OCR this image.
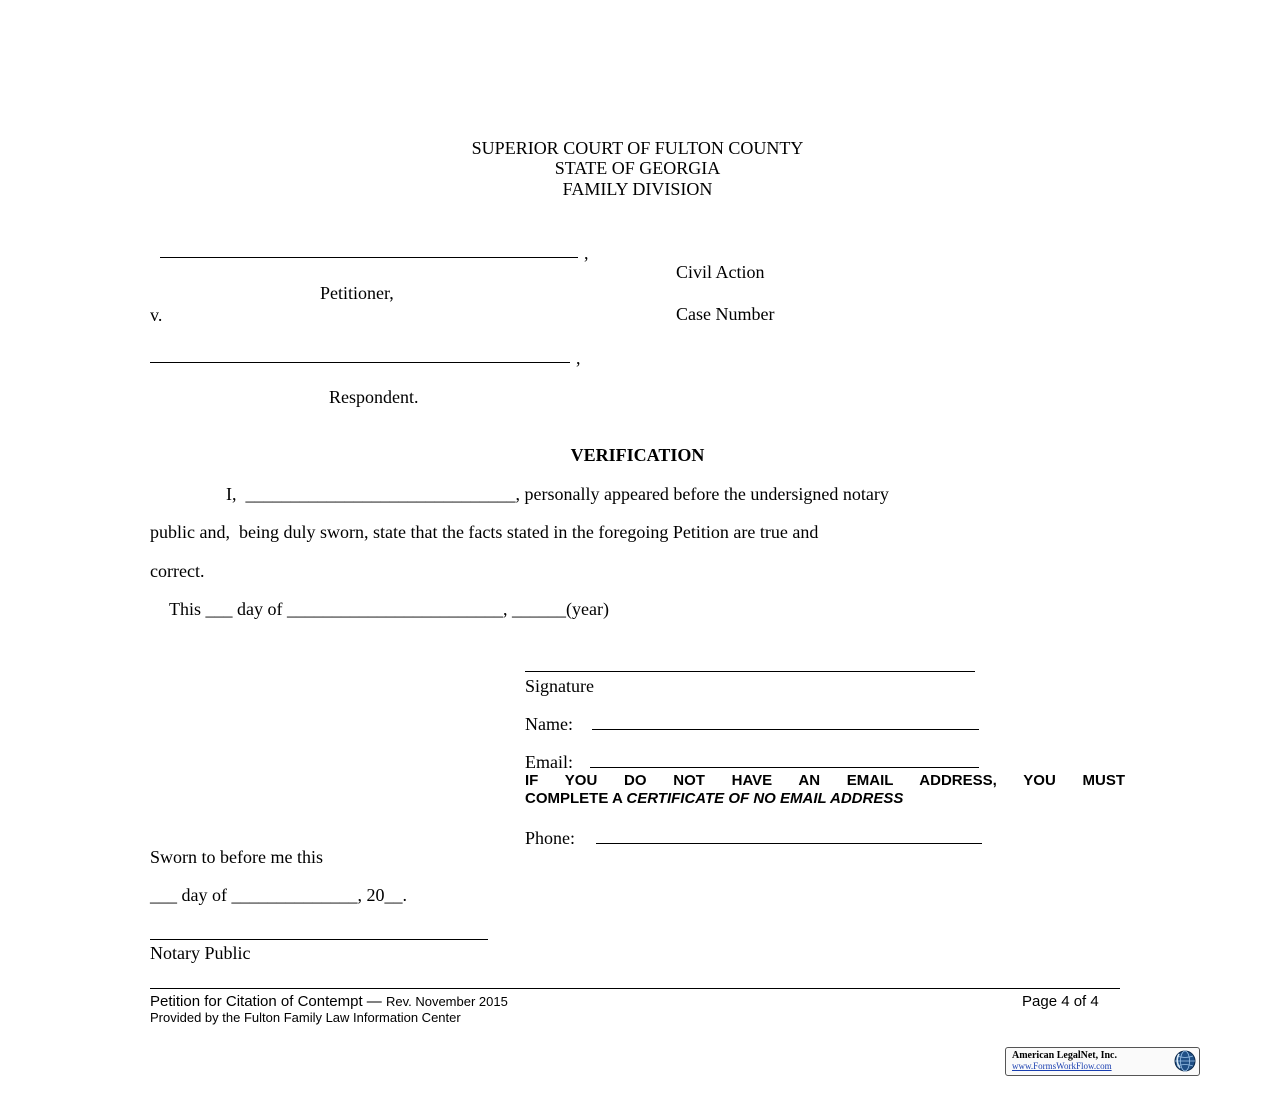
SUPERIOR COURT OF FULTON COUNTY
STATE OF GEORGIA
FAMILY DIVISION
,
Petitioner,
v.
Civil Action
Case Number
,
Respondent.
VERIFICATION
I, ______________________________, personally appeared before the undersigned notary
public and,  being duly sworn, state that the facts stated in the foregoing Petition are true and
correct.
This ___ day of ________________________, ______(year)
Signature
Name:
Email:
IF YOU DO NOT HAVE AN EMAIL ADDRESS, YOU MUST
COMPLETE A CERTIFICATE OF NO EMAIL ADDRESS
Phone:
Sworn to before me this
___ day of ______________, 20__.
Notary Public
Petition for Citation of Contempt — Rev. November 2015	Page 4 of 4
Provided by the Fulton Family Law Information Center
American LegalNet, Inc.
www.FormsWorkFlow.com
